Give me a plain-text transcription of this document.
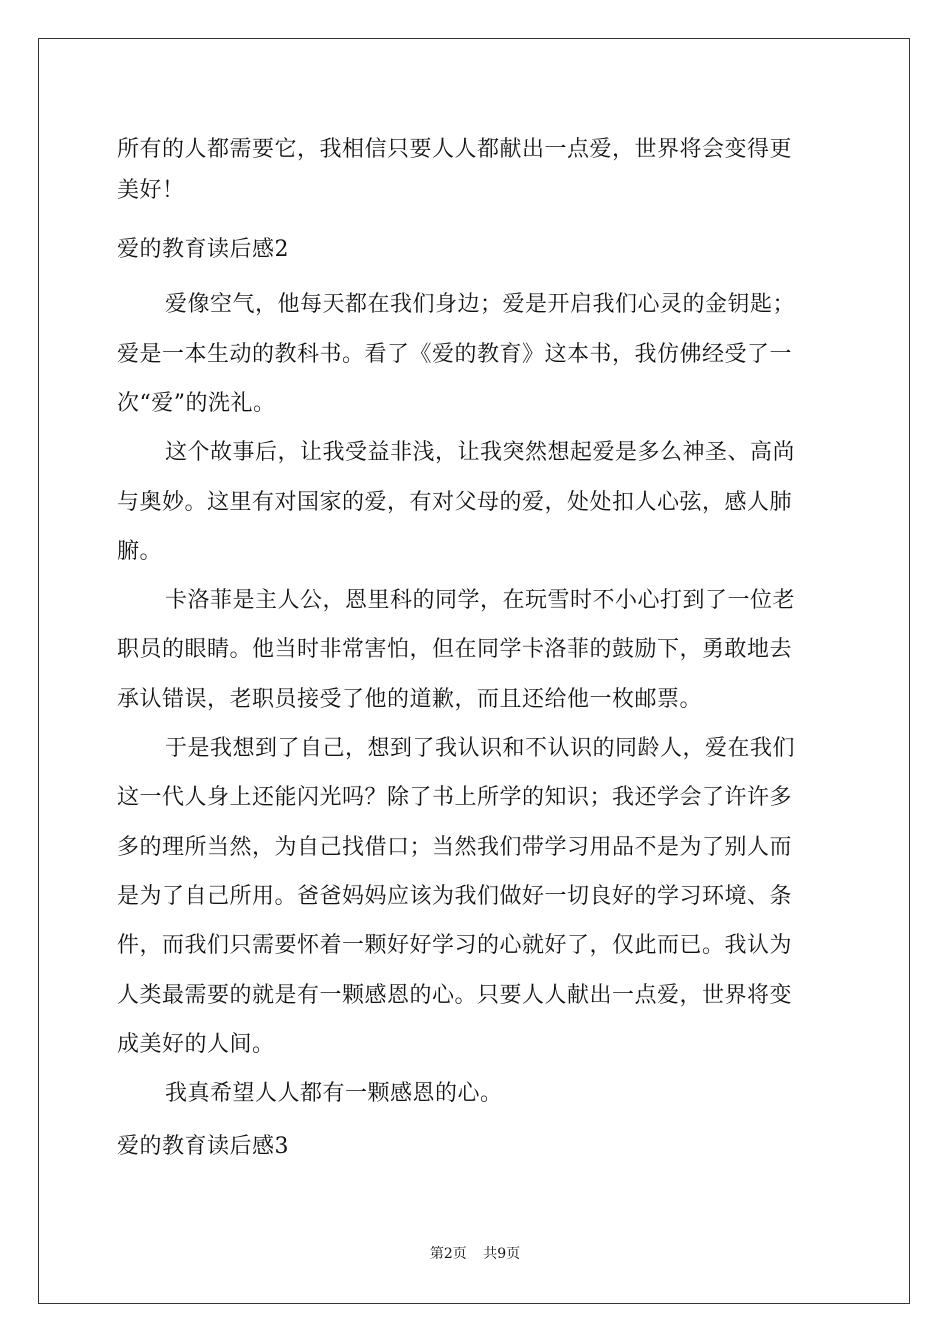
所有的人都需要它，我相信只要人人都献出一点爱，世界将会变得更
美好！
爱的教育读后感2
爱像空气，他每天都在我们身边；爱是开启我们心灵的金钥匙；
爱是一本生动的教科书。看了《爱的教育》这本书，我仿佛经受了一
次“爱”的洗礼。
这个故事后，让我受益非浅，让我突然想起爱是多么神圣、高尚
与奥妙。这里有对国家的爱，有对父母的爱，处处扣人心弦，感人肺
腑。
卡洛菲是主人公，恩里科的同学，在玩雪时不小心打到了一位老
职员的眼睛。他当时非常害怕，但在同学卡洛菲的鼓励下，勇敢地去
承认错误，老职员接受了他的道歉，而且还给他一枚邮票。
于是我想到了自己，想到了我认识和不认识的同龄人，爱在我们
这一代人身上还能闪光吗？除了书上所学的知识；我还学会了许许多
多的理所当然，为自己找借口；当然我们带学习用品不是为了别人而
是为了自己所用。爸爸妈妈应该为我们做好一切良好的学习环境、条
件，而我们只需要怀着一颗好好学习的心就好了，仅此而已。我认为
人类最需要的就是有一颗感恩的心。只要人人献出一点爱，世界将变
成美好的人间。
我真希望人人都有一颗感恩的心。
爱的教育读后感3
第2页 共9页
